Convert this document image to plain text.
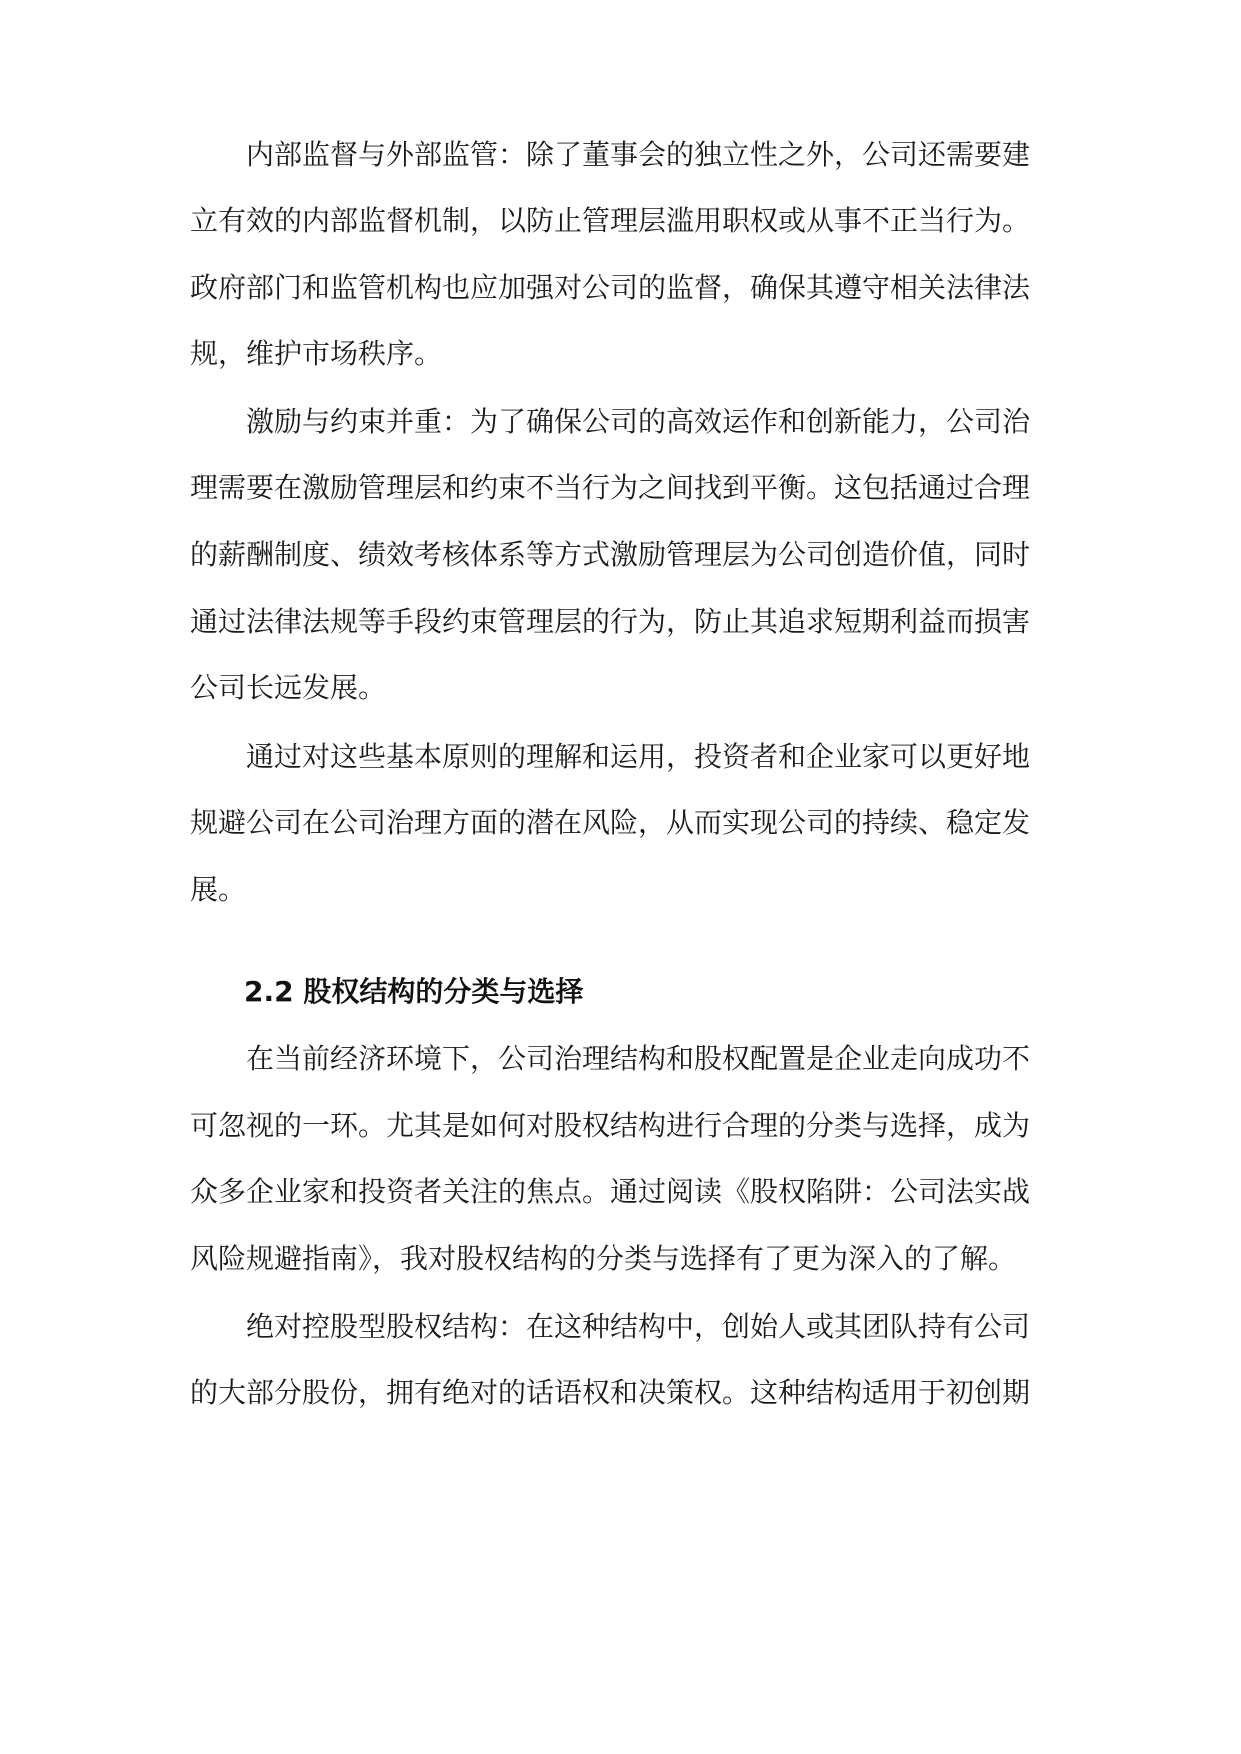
内部监督与外部监管：除了董事会的独立性之外，公司还需要建
立有效的内部监督机制，以防止管理层滥用职权或从事不正当行为。
政府部门和监管机构也应加强对公司的监督，确保其遵守相关法律法
规，维护市场秩序。
激励与约束并重：为了确保公司的高效运作和创新能力，公司治
理需要在激励管理层和约束不当行为之间找到平衡。这包括通过合理
的薪酬制度、绩效考核体系等方式激励管理层为公司创造价值，同时
通过法律法规等手段约束管理层的行为，防止其追求短期利益而损害
公司长远发展。
通过对这些基本原则的理解和运用，投资者和企业家可以更好地
规避公司在公司治理方面的潜在风险，从而实现公司的持续、稳定发
展。
2.2 股权结构的分类与选择
在当前经济环境下，公司治理结构和股权配置是企业走向成功不
可忽视的一环。尤其是如何对股权结构进行合理的分类与选择，成为
众多企业家和投资者关注的焦点。通过阅读《股权陷阱：公司法实战
风险规避指南》，我对股权结构的分类与选择有了更为深入的了解。
绝对控股型股权结构：在这种结构中，创始人或其团队持有公司
的大部分股份，拥有绝对的话语权和决策权。这种结构适用于初创期
